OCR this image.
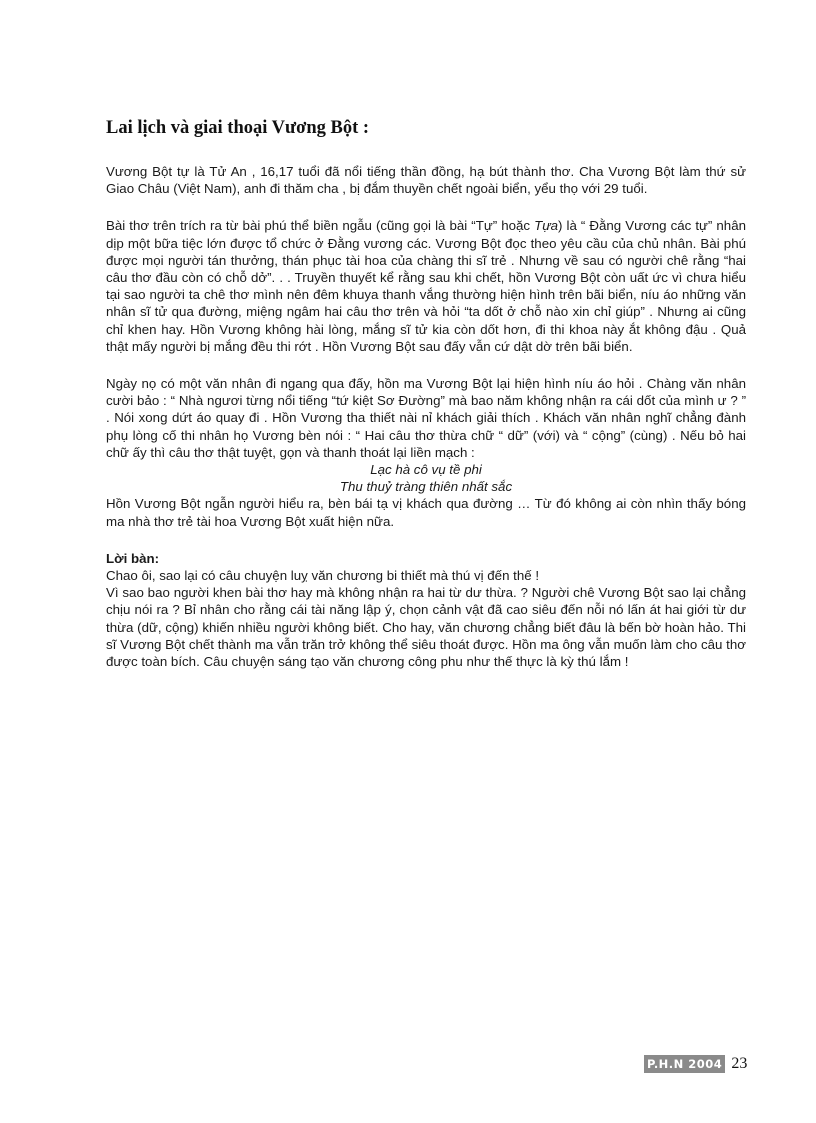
Lai lịch và giai thoại Vương Bột :

Vương Bột tự là Tử An , 16,17 tuổi đã nổi tiếng thần đồng, hạ bút thành thơ. Cha Vương Bột làm thứ sử Giao Châu (Việt Nam), anh đi thăm cha , bị đắm thuyền chết ngoài biển, yểu thọ với 29 tuổi.

Bài thơ trên trích ra từ bài phú thể biền ngẫu (cũng gọi là bài “Tự” hoặc Tựa) là “ Đằng Vương các tự” nhân dịp một bữa tiệc lớn được tổ chức ở Đằng vương các. Vương Bột đọc theo yêu cầu của chủ nhân. Bài phú được mọi người tán thưởng, thán phục tài hoa của chàng thi sĩ trẻ . Nhưng về sau có người chê rằng “hai câu thơ đầu còn có chỗ dở”. . . Truyền thuyết kể rằng sau khi chết, hồn Vương Bột còn uất ức vì chưa hiểu tại sao người ta chê thơ mình nên đêm khuya thanh vắng thường hiện hình trên bãi biển, níu áo những văn nhân sĩ tử qua đường, miệng ngâm hai câu thơ trên và hỏi “ta dốt ở chỗ nào xin chỉ giúp” . Nhưng ai cũng chỉ khen hay. Hồn Vương không hài lòng, mắng sĩ tử kia còn dốt hơn, đi thi khoa này ắt không đậu . Quả thật mấy người bị mắng đều thi rớt . Hồn Vương Bột sau đấy vẫn cứ dật dờ trên bãi biển.

Ngày nọ có một văn nhân đi ngang qua đấy, hồn ma Vương Bột lại hiện hình níu áo hỏi . Chàng văn nhân cười bảo : “ Nhà ngươi từng nổi tiếng “tứ kiệt Sơ Đường” mà bao năm không nhận ra cái dốt của mình ư ? ” . Nói xong dứt áo quay đi . Hồn Vương tha thiết nài nỉ khách giải thích . Khách văn nhân nghĩ chẳng đành phụ lòng cố thi nhân họ Vương bèn nói : “ Hai câu thơ thừa chữ “ dữ” (với) và “ cộng” (cùng) . Nếu bỏ hai chữ ấy thì câu thơ thật tuyệt, gọn và thanh thoát lại liền mạch :

Lạc hà cô vụ tề phi

Thu thuỷ tràng thiên nhất sắc

Hồn Vương Bột ngẫn người hiểu ra, bèn bái tạ vị khách qua đường … Từ đó không ai còn nhìn thấy bóng ma nhà thơ trẻ tài hoa Vương Bột xuất hiện nữa.

Lời bàn:

Chao ôi, sao lại có câu chuyện luỵ văn chương bi thiết mà thú vị đến thế !

Vì sao bao người khen bài thơ hay mà không nhận ra hai từ dư thừa. ? Người chê Vương Bột sao lại chẳng chịu nói ra ? Bỉ nhân cho rằng cái tài năng lập ý, chọn cảnh vật đã cao siêu đến nỗi nó lấn át hai giới từ dư thừa (dữ, cộng) khiến nhiều người không biết. Cho hay, văn chương chẳng biết đâu là bến bờ hoàn hảo. Thi sĩ Vương Bột chết thành ma vẫn trăn trở không thể siêu thoát được. Hồn ma ông vẫn muốn làm cho câu thơ được toàn bích. Câu chuyện sáng tạo văn chương công phu như thế thực là kỳ thú lắm !

P.H.N 2004 23
